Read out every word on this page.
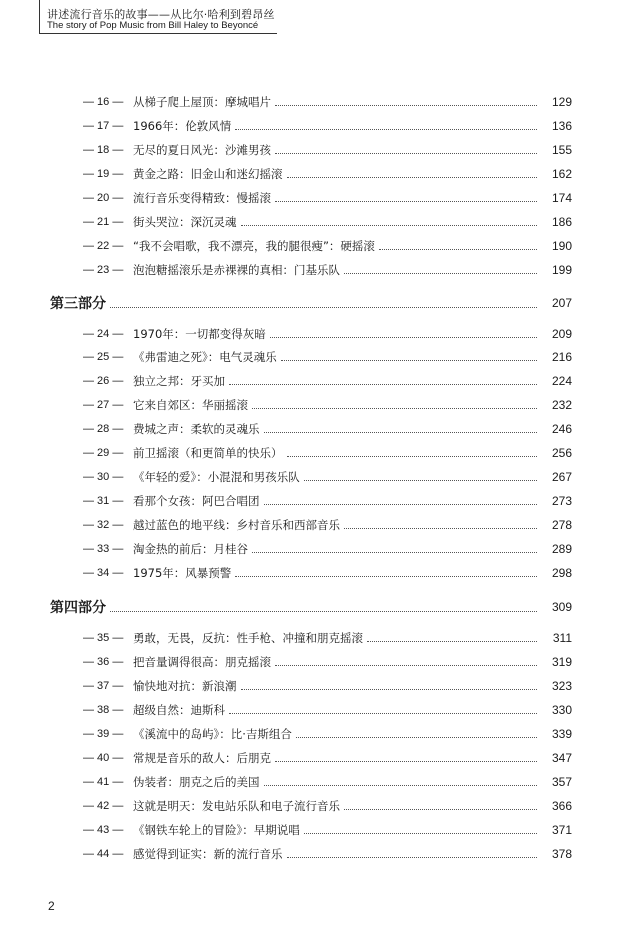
讲述流行音乐的故事——从比尔·哈利到碧昂丝
The story of Pop Music from Bill Haley to Beyoncé
— 16 — 从梯子爬上屋顶：摩城唱片	129
— 17 — 1966年：伦敦风情	136
— 18 — 无尽的夏日风光：沙滩男孩	155
— 19 — 黄金之路：旧金山和迷幻摇滚	162
— 20 — 流行音乐变得精致：慢摇滚	174
— 21 — 街头哭泣：深沉灵魂	186
— 22 — “我不会唱歌，我不漂亮，我的腿很瘦”：硬摇滚	190
— 23 — 泡泡糖摇滚乐是赤裸裸的真相：门基乐队	199
第三部分	207
— 24 — 1970年：一切都变得灰暗	209
— 25 — 《弗雷迪之死》：电气灵魂乐	216
— 26 — 独立之邦：牙买加	224
— 27 — 它来自郊区：华丽摇滚	232
— 28 — 费城之声：柔软的灵魂乐	246
— 29 — 前卫摇滚（和更简单的快乐）	256
— 30 — 《年轻的爱》：小混混和男孩乐队	267
— 31 — 看那个女孩：阿巴合唱团	273
— 32 — 越过蓝色的地平线：乡村音乐和西部音乐	278
— 33 — 淘金热的前后：月桂谷	289
— 34 — 1975年：风暴预警	298
第四部分	309
— 35 — 勇敢，无畏，反抗：性手枪、冲撞和朋克摇滚	311
— 36 — 把音量调得很高：朋克摇滚	319
— 37 — 愉快地对抗：新浪潮	323
— 38 — 超级自然：迪斯科	330
— 39 — 《溪流中的岛屿》：比·吉斯组合	339
— 40 — 常规是音乐的敌人：后朋克	347
— 41 — 伪装者：朋克之后的美国	357
— 42 — 这就是明天：发电站乐队和电子流行音乐	366
— 43 — 《钢铁车轮上的冒险》：早期说唱	371
— 44 — 感觉得到证实：新的流行音乐	378
2
